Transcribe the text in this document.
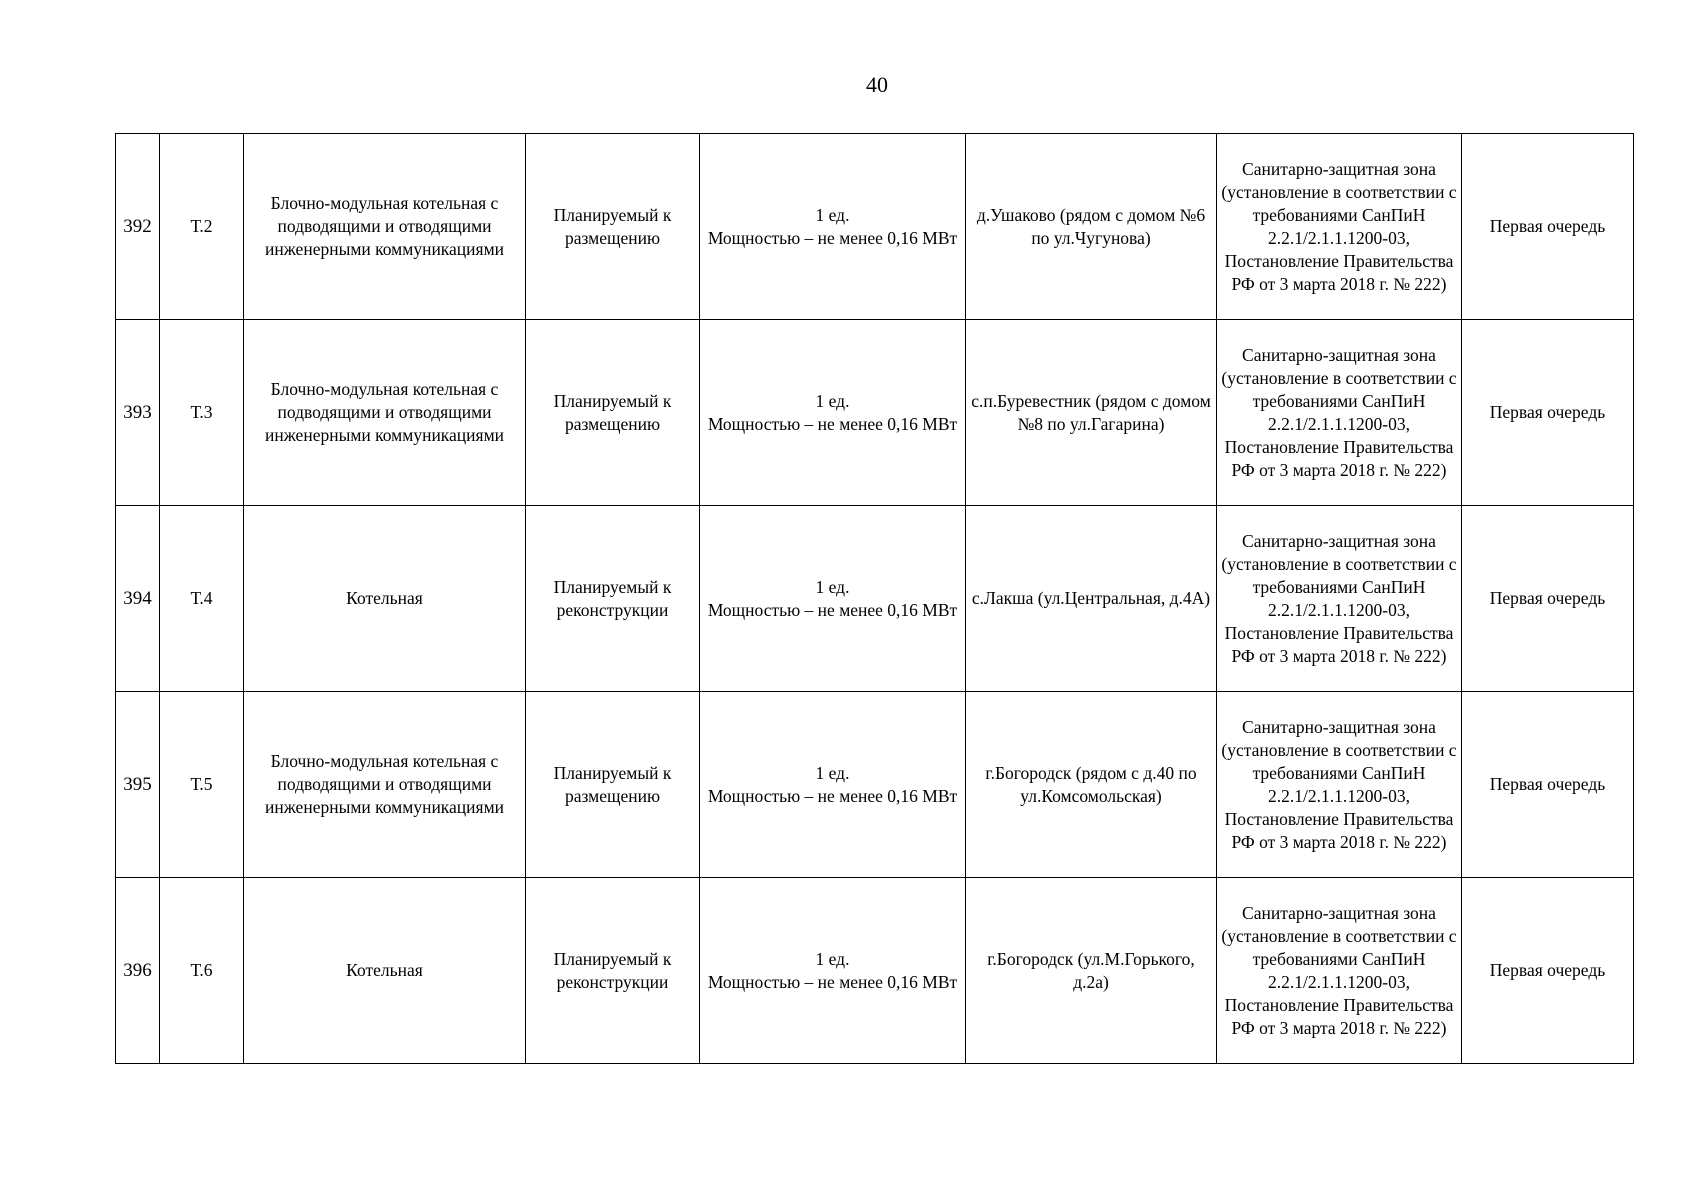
40
392	Т.2	Блочно-модульная котельная с подводящими и отводящими инженерными коммуникациями	Планируемый к размещению	1 ед.
Мощностью – не менее 0,16 МВт	д.Ушаково (рядом с домом №6 по ул.Чугунова)	Санитарно-защитная зона (установление в соответствии с требованиями СанПиН 2.2.1/2.1.1.1200-03, Постановление Правительства РФ от 3 марта 2018 г. № 222)	Первая очередь
393	Т.3	Блочно-модульная котельная с подводящими и отводящими инженерными коммуникациями	Планируемый к размещению	1 ед.
Мощностью – не менее 0,16 МВт	с.п.Буревестник (рядом с домом №8 по ул.Гагарина)	Санитарно-защитная зона (установление в соответствии с требованиями СанПиН 2.2.1/2.1.1.1200-03, Постановление Правительства РФ от 3 марта 2018 г. № 222)	Первая очередь
394	Т.4	Котельная	Планируемый к реконструкции	1 ед.
Мощностью – не менее 0,16 МВт	с.Лакша (ул.Центральная, д.4А)	Санитарно-защитная зона (установление в соответствии с требованиями СанПиН 2.2.1/2.1.1.1200-03, Постановление Правительства РФ от 3 марта 2018 г. № 222)	Первая очередь
395	Т.5	Блочно-модульная котельная с подводящими и отводящими инженерными коммуникациями	Планируемый к размещению	1 ед.
Мощностью – не менее 0,16 МВт	г.Богородск (рядом с д.40 по ул.Комсомольская)	Санитарно-защитная зона (установление в соответствии с требованиями СанПиН 2.2.1/2.1.1.1200-03, Постановление Правительства РФ от 3 марта 2018 г. № 222)	Первая очередь
396	Т.6	Котельная	Планируемый к реконструкции	1 ед.
Мощностью – не менее 0,16 МВт	г.Богородск (ул.М.Горького, д.2а)	Санитарно-защитная зона (установление в соответствии с требованиями СанПиН 2.2.1/2.1.1.1200-03, Постановление Правительства РФ от 3 марта 2018 г. № 222)	Первая очередь
